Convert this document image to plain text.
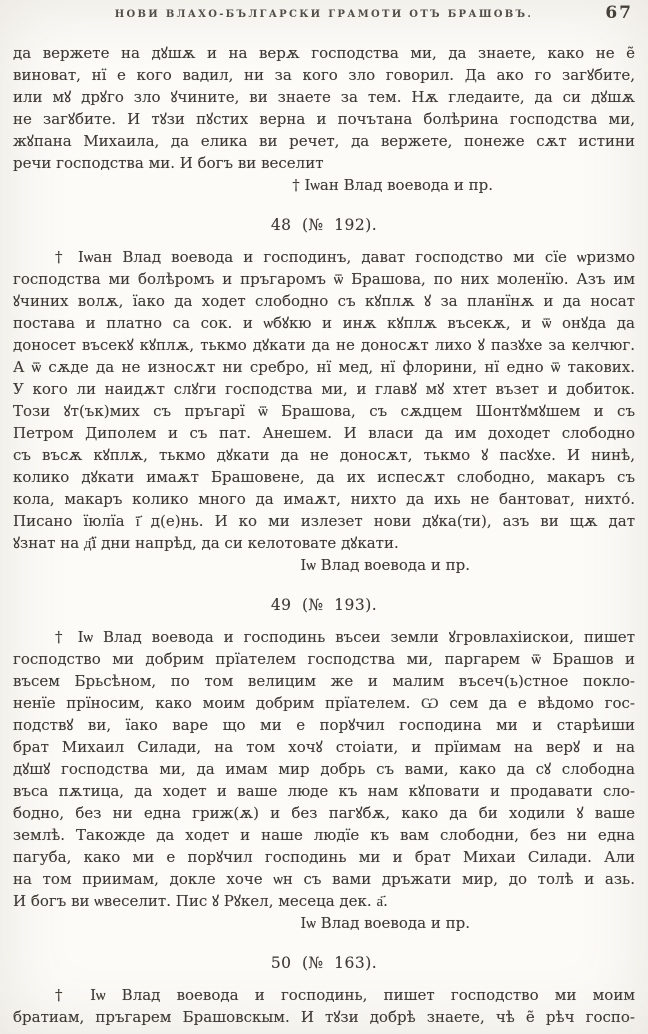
НОВИ ВЛАХО-БЪЛГАРСКИ ГРАМОТИ ОТЪ БРАШОВЪ.	67
да вержете на дꙋшѫ и на верѫ господства ми, да знаете, како не е̃
виноват, нї е кого вадил, ни за кого зло говорил. Да ако го загꙋбите,
или мꙋ дрꙋго зло ꙋчините, ви знаете за тем. Нѫ гледаите, да си дꙋшѫ
не загꙋбите. И тꙋзи пꙋстих верна и почътана болѣрина господства ми,
жꙋпана Михаила, да елика ви речет, да вержете, понеже сѫт истини
речи господства ми. И богъ ви веселит
† Іѡан Влад воевода и пр.
48 (№ 192).
† Іѡан Влад воевода и господинъ, дават господство ми сїе ѡризмо
господства ми болѣромъ и пръгаромъ ѿ Брашова, по них моленїю. Азъ им
ꙋчиних волѫ, їако да ходет слободно съ кꙋплѫ ꙋ за планїнѫ и да носат
постава и платно са сок. и ѡбꙋкю и инѫ кꙋплѫ въсекѫ, и ѿ онꙋда да
доносет въсекꙋ кꙋплѫ, тькмо дꙋкати да не доносѫт лихо ꙋ пазꙋхе за келчюг.
А ѿ сѫде да не износѫт ни сребро, нї мед, нї флорини, нї едно ѿ такових.
У кого ли наидѫт слꙋги господства ми, и главꙋ мꙋ хтет възет и добиток.
Този ꙋт(ък)мих съ пръгарї ѿ Брашова, съ сѫдцем Шонтꙋмꙋшем и съ
Петром Диполем и съ пат. Анешем. И власи да им доходет слободно
съ въсѫ кꙋплѫ, тькмо дꙋкати да не доносѫт, тькмо ꙋ пасꙋхе. И нинѣ,
колико дꙋкати имаѫт Брашовене, да их испесѫт слободно, макаръ съ
кола, макаръ колико много да имаѫт, нихто да ихь не бантоват, нихто́.
Писано їюлїа ї҃ д(е)нь. И ко ми излезет нови дꙋка(ти), азъ ви щѫ дат
ꙋзнат на д҃ї дни напрѣд, да си келотовате дꙋкати.
Іѡ Влад воевода и пр.
49 (№ 193).
† Іѡ Влад воевода и господинь въсеи земли ꙋгровлахіискои, пишет
господство ми добрим прїателем господства ми, паргарем ѿ Брашов и
въсем Брьсѣном, по том велицим же и малим въсеч(ь)стное покло-
ненїе прїносим, како моим добрим прїателем. Ѡ сем да е вѣдомо гос-
подствꙋ ви, їако варе що ми е порꙋчил господина ми и старѣиши
брат Михаил Силади, на том хочꙋ стоіати, и прїимам на верꙋ и на
дꙋшꙋ господства ми, да имам мир добрь съ вами, како да сꙋ слободна
въса пѫтица, да ходет и ваше люде къ нам кꙋповати и продавати сло-
бодно, без ни една гриж(ѫ) и без пагꙋбѫ, како да би ходили ꙋ ваше
землѣ. Такожде да ходет и наше людїе къ вам слободни, без ни една
пагуба, како ми е порꙋчил господинь ми и брат Михаи Силади. Али
на том приимам, докле хоче ѡн съ вами дръжати мир, до толѣ и азь.
И богъ ви ѡвеселит. Пис ꙋ Рꙋкел, месеца дек. а҃.
Іѡ Влад воевода и пр.
50 (№ 163).
† Іѡ Влад воевода и господинь, пишет господство ми моим
братиам, пръгарем Брашовскым. И тꙋзи добрѣ знаете, чѣ е̃ рѣч госпо-
